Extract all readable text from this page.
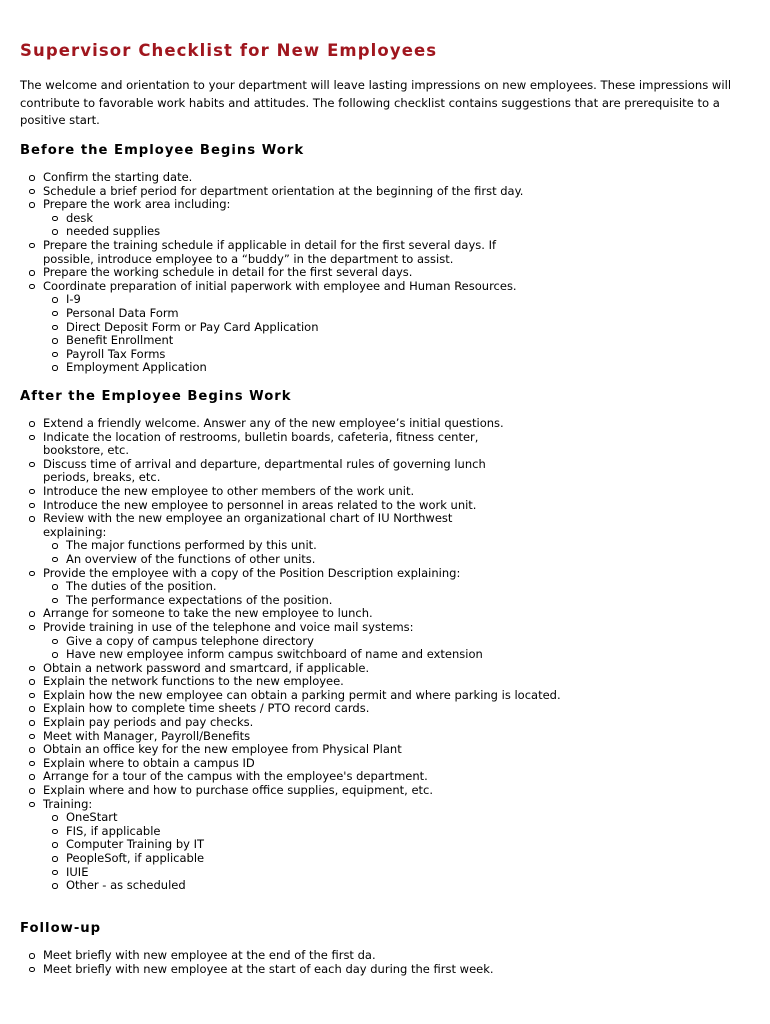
Supervisor Checklist for New Employees

The welcome and orientation to your department will leave lasting impressions on new employees. These impressions will contribute to favorable work habits and attitudes. The following checklist contains suggestions that are prerequisite to a positive start.

Before the Employee Begins Work
Confirm the starting date.
Schedule a brief period for department orientation at the beginning of the first day.
Prepare the work area including:
desk
needed supplies
Prepare the training schedule if applicable in detail for the first several days. If possible, introduce employee to a “buddy” in the department to assist.
Prepare the working schedule in detail for the first several days.
Coordinate preparation of initial paperwork with employee and Human Resources.
I-9
Personal Data Form
Direct Deposit Form or Pay Card Application
Benefit Enrollment
Payroll Tax Forms
Employment Application
After the Employee Begins Work
Extend a friendly welcome. Answer any of the new employee’s initial questions.
Indicate the location of restrooms, bulletin boards, cafeteria, fitness center, bookstore, etc.
Discuss time of arrival and departure, departmental rules of governing lunch periods, breaks, etc.
Introduce the new employee to other members of the work unit.
Introduce the new employee to personnel in areas related to the work unit.
Review with the new employee an organizational chart of IU Northwest explaining:
The major functions performed by this unit.
An overview of the functions of other units.
Provide the employee with a copy of the Position Description explaining:
The duties of the position.
The performance expectations of the position.
Arrange for someone to take the new employee to lunch.
Provide training in use of the telephone and voice mail systems:
Give a copy of campus telephone directory
Have new employee inform campus switchboard of name and extension
Obtain a network password and smartcard, if applicable.
Explain the network functions to the new employee.
Explain how the new employee can obtain a parking permit and where parking is located.
Explain how to complete time sheets / PTO record cards.
Explain pay periods and pay checks.
Meet with Manager, Payroll/Benefits
Obtain an office key for the new employee from Physical Plant
Explain where to obtain a campus ID
Arrange for a tour of the campus with the employee's department.
Explain where and how to purchase office supplies, equipment, etc.
Training:
OneStart
FIS, if applicable
Computer Training by IT
PeopleSoft, if applicable
IUIE
Other - as scheduled
Follow-up
Meet briefly with new employee at the end of the first da.
Meet briefly with new employee at the start of each day during the first week.
